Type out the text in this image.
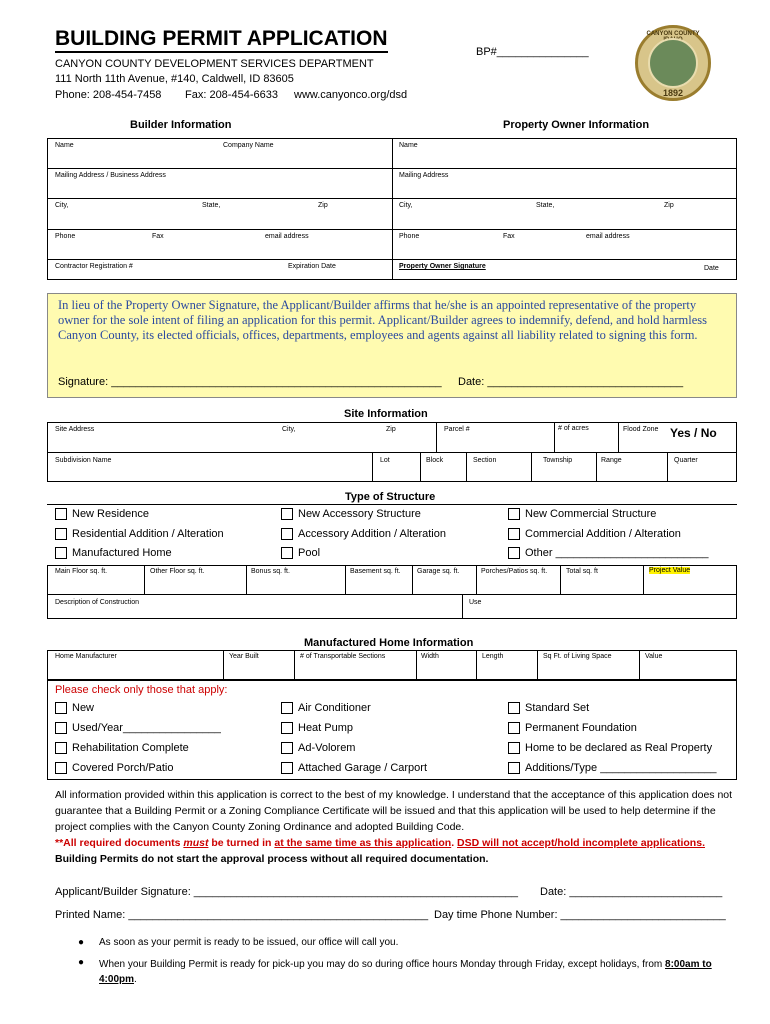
BUILDING PERMIT APPLICATION
BP#_______________
CANYON COUNTY DEVELOPMENT SERVICES DEPARTMENT
111 North 11th Avenue, #140, Caldwell, ID 83605
Phone: 208-454-7458 Fax: 208-454-6633 www.canyonco.org/dsd
CANYON COUNTY
1892
Builder Information	Property Owner Information
Name	Company Name
Mailing Address / Business Address
City,	State,	Zip
Phone	Fax	email address
Contractor Registration #	Expiration Date
Name
Mailing Address
City,	State,	Zip
Phone	Fax	email address
Property Owner Signature	Date
In lieu of the Property Owner Signature, the Applicant/Builder affirms that he/she is an appointed representative of the property owner for the sole intent of filing an application for this permit. Applicant/Builder agrees to indemnify, defend, and hold harmless Canyon County, its elected officials, offices, departments, employees and agents against all liability related to signing this form.
Signature: ______________________________________________________ Date: ________________________________
Site Information
Site Address	City,	Zip	Parcel #	# of acres	Flood Zone Yes / No
Subdivision Name	Lot	Block	Section	Township	Range	Quarter
Type of Structure
New Residence	New Accessory Structure	New Commercial Structure
Residential Addition / Alteration	Accessory Addition / Alteration	Commercial Addition / Alteration
Manufactured Home	Pool	Other _________________________
Main Floor sq. ft.	Other Floor sq. ft.	Bonus sq. ft.	Basement sq. ft. Garage sq. ft.	Porches/Patios sq. ft.	Total sq. ft	Project Value
Description of Construction	Use
Manufactured Home Information
Home Manufacturer	Year Built	# of Transportable Sections	Width	Length	Sq Ft. of Living Space	Value
Please check only those that apply:
New	Air Conditioner	Standard Set
Used/Year________________	Heat Pump	Permanent Foundation
Rehabilitation Complete	Ad-Volorem	Home to be declared as Real Property
Covered Porch/Patio	Attached Garage / Carport	Additions/Type ___________________
All information provided within this application is correct to the best of my knowledge. I understand that the acceptance of this application does not guarantee that a Building Permit or a Zoning Compliance Certificate will be issued and that this application will be used to help determine if the project complies with the Canyon County Zoning Ordinance and adopted Building Code.
**All required documents must be turned in at the same time as this application. DSD will not accept/hold incomplete applications. Building Permits do not start the approval process without all required documentation.
Applicant/Builder Signature: _____________________________________________________ Date: _________________________
Printed Name: _________________________________________________ Day time Phone Number: ___________________________
● As soon as your permit is ready to be issued, our office will call you.
● When your Building Permit is ready for pick-up you may do so during office hours Monday through Friday, except holidays, from 8:00am to 4:00pm.
